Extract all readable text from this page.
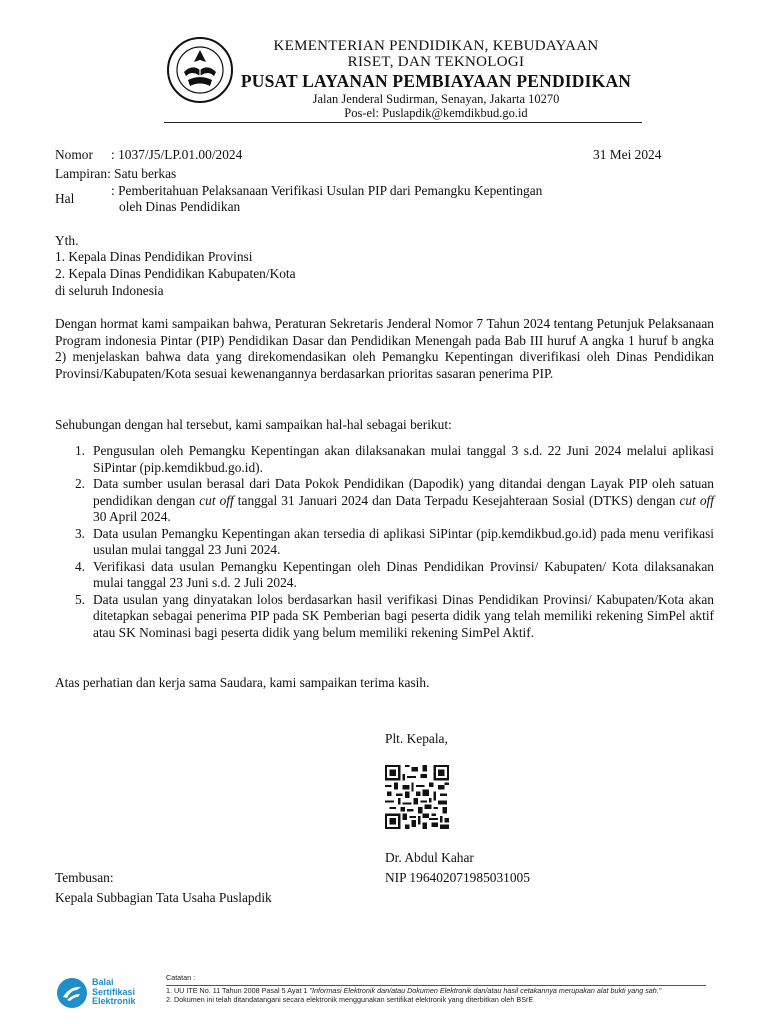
KEMENTERIAN PENDIDIKAN, KEBUDAYAAN
RISET, DAN TEKNOLOGI
PUSAT LAYANAN PEMBIAYAAN PENDIDIKAN
Jalan Jenderal Sudirman, Senayan, Jakarta 10270
Pos-el: Puslapdik@kemdikbud.go.id
Nomor : 1037/J5/LP.01.00/2024	31 Mei 2024
Lampiran: Satu berkas
Hal
: Pemberitahuan Pelaksanaan Verifikasi Usulan PIP dari Pemangku Kepentingan
oleh Dinas Pendidikan
Yth.
1. Kepala Dinas Pendidikan Provinsi
2. Kepala Dinas Pendidikan Kabupaten/Kota
di seluruh Indonesia
Dengan hormat kami sampaikan bahwa, Peraturan Sekretaris Jenderal Nomor 7 Tahun 2024 tentang Petunjuk Pelaksanaan Program indonesia Pintar (PIP) Pendidikan Dasar dan Pendidikan Menengah pada Bab III huruf A angka 1 huruf b angka 2) menjelaskan bahwa data yang direkomendasikan oleh Pemangku Kepentingan diverifikasi oleh Dinas Pendidikan Provinsi/Kabupaten/Kota sesuai kewenangannya berdasarkan prioritas sasaran penerima PIP.
Sehubungan dengan hal tersebut, kami sampaikan hal-hal sebagai berikut:
1. Pengusulan oleh Pemangku Kepentingan akan dilaksanakan mulai tanggal 3 s.d. 22 Juni 2024 melalui aplikasi SiPintar (pip.kemdikbud.go.id).
2. Data sumber usulan berasal dari Data Pokok Pendidikan (Dapodik) yang ditandai dengan Layak PIP oleh satuan pendidikan dengan cut off tanggal 31 Januari 2024 dan Data Terpadu Kesejahteraan Sosial (DTKS) dengan cut off 30 April 2024.
3. Data usulan Pemangku Kepentingan akan tersedia di aplikasi SiPintar (pip.kemdikbud.go.id) pada menu verifikasi usulan mulai tanggal 23 Juni 2024.
4. Verifikasi data usulan Pemangku Kepentingan oleh Dinas Pendidikan Provinsi/ Kabupaten/ Kota dilaksanakan mulai tanggal 23 Juni s.d. 2 Juli 2024.
5. Data usulan yang dinyatakan lolos berdasarkan hasil verifikasi Dinas Pendidikan Provinsi/ Kabupaten/Kota akan ditetapkan sebagai penerima PIP pada SK Pemberian bagi peserta didik yang telah memiliki rekening SimPel aktif atau SK Nominasi bagi peserta didik yang belum memiliki rekening SimPel Aktif.
Atas perhatian dan kerja sama Saudara, kami sampaikan terima kasih.
Plt. Kepala,
Dr. Abdul Kahar
NIP 196402071985031005
Tembusan:
Kepala Subbagian Tata Usaha Puslapdik
Balai
Sertifikasi
Elektronik
Catatan :
1. UU ITE No. 11 Tahun 2008 Pasal 5 Ayat 1 "Informasi Elektronik dan/atau Dokumen Elektronik dan/atau hasil cetakannya merupakan alat bukti yang sah."
2. Dokumen ini telah ditandatangani secara elektronik menggunakan sertifikat elektronik yang diterbitkan oleh BSrE
